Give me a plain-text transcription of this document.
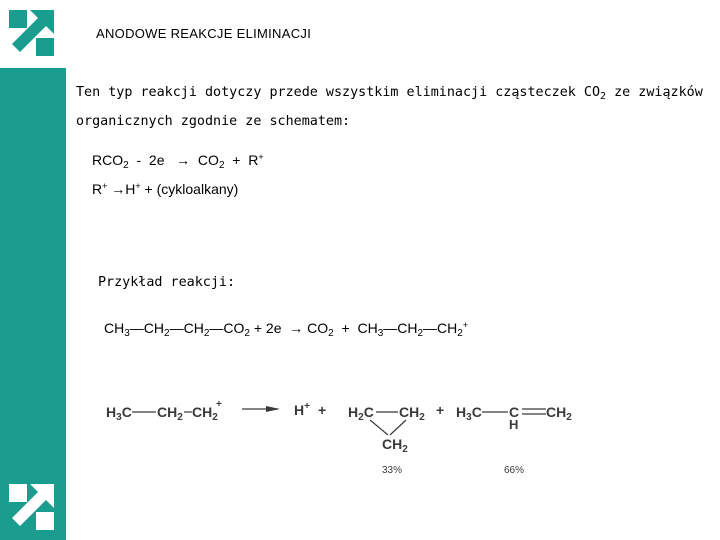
ANODOWE REAKCJE ELIMINACJI
Ten typ reakcji dotyczy przede wszystkim eliminacji cząsteczek $CO_2$ ze związków
organicznych zgodnie ze schematem:
$RCO_2 - 2e \to CO_2 + R^+$
R+ →H+ + (cykloalkany)
Przykład reakcji:
$CH_3—CH_2—CH_2—CO_2 + 2e \to CO_2$  +  $CH_3—CH_2—CH_2^+$
$H_3C$ $CH_2$ $CH_2$
+	$H^+ + H_2C$ $CH_2$
$CH_2$
+ $H_3C$ C
H
$CH_2$
33%	66%
